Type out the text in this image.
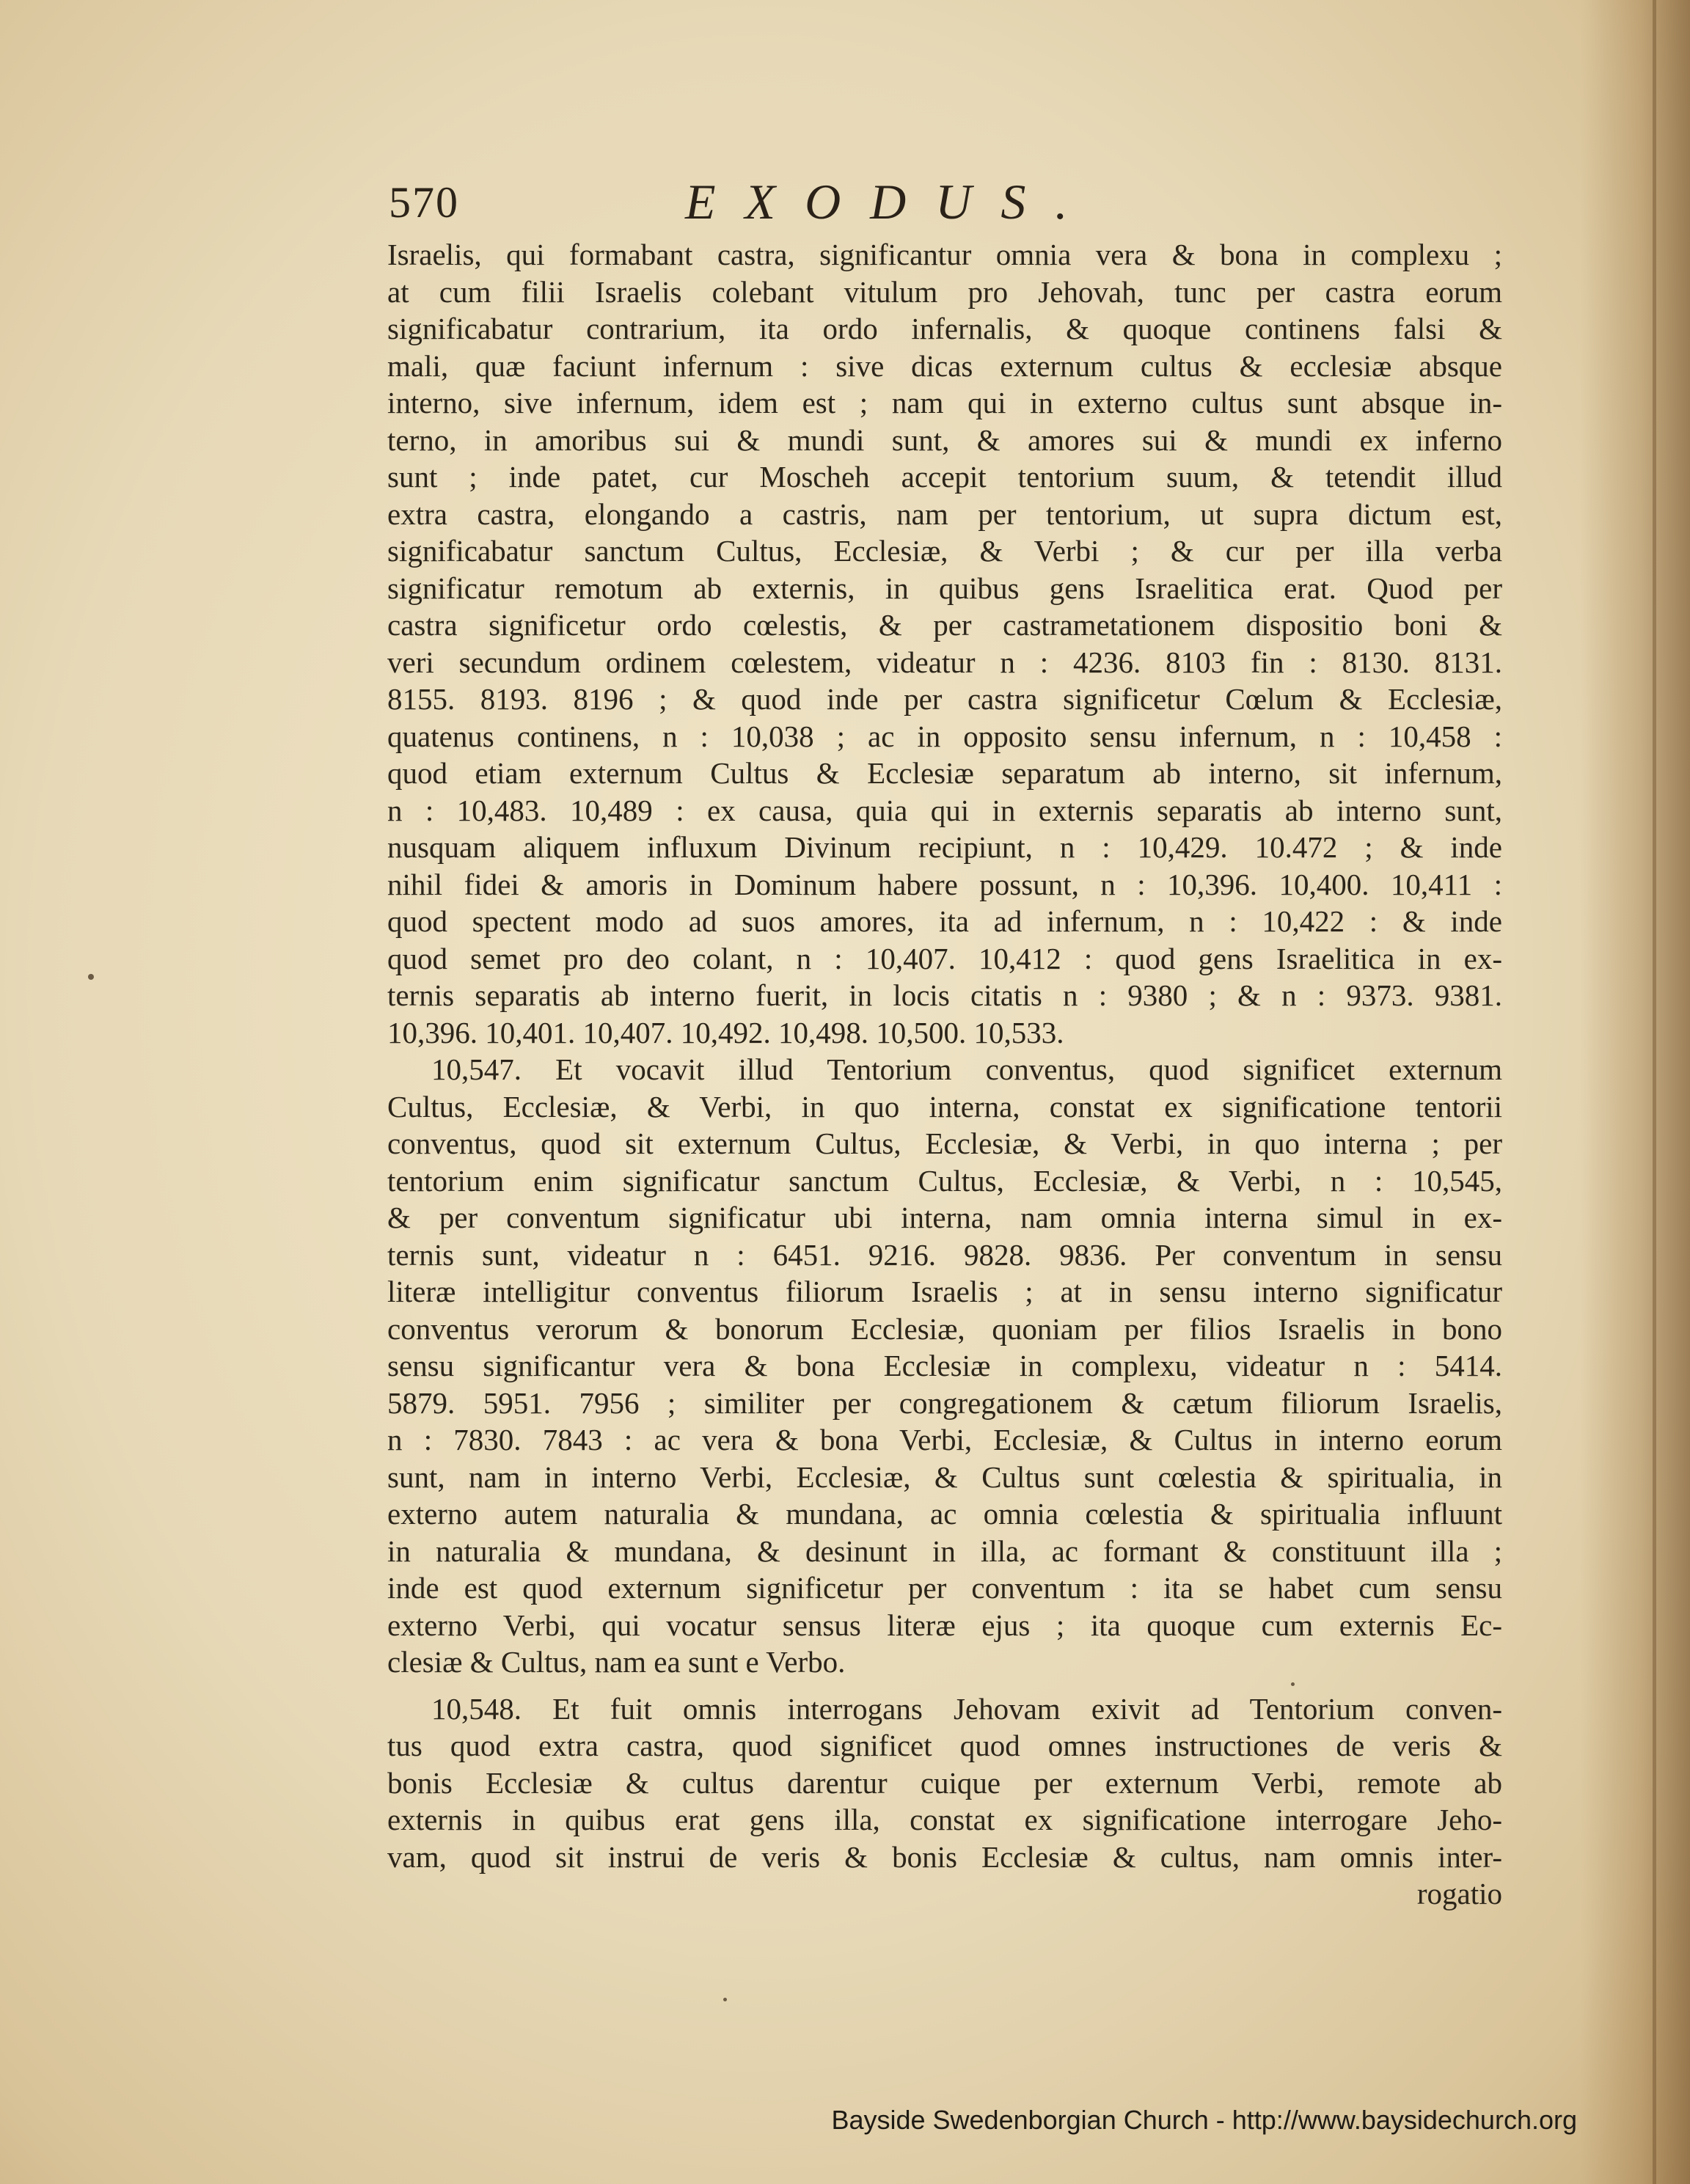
570	EXODUS.
Israelis, qui formabant castra, significantur omnia vera & bona in complexu ;
at cum filii Israelis colebant vitulum pro Jehovah, tunc per castra eorum
significabatur contrarium, ita ordo infernalis, & quoque continens falsi &
mali, quæ faciunt infernum : sive dicas externum cultus & ecclesiæ absque
interno, sive infernum, idem est ; nam qui in externo cultus sunt absque in-
terno, in amoribus sui & mundi sunt, & amores sui & mundi ex inferno
sunt ; inde patet, cur Moscheh accepit tentorium suum, & tetendit illud
extra castra, elongando a castris, nam per tentorium, ut supra dictum est,
significabatur sanctum Cultus, Ecclesiæ, & Verbi ; & cur per illa verba
significatur remotum ab externis, in quibus gens Israelitica erat. Quod per
castra significetur ordo cœlestis, & per castrametationem dispositio boni &
veri secundum ordinem cœlestem, videatur n : 4236. 8103 fin : 8130. 8131.
8155. 8193. 8196 ; & quod inde per castra significetur Cœlum & Ecclesiæ,
quatenus continens, n : 10,038 ; ac in opposito sensu infernum, n : 10,458 :
quod etiam externum Cultus & Ecclesiæ separatum ab interno, sit infernum,
n : 10,483. 10,489 : ex causa, quia qui in externis separatis ab interno sunt,
nusquam aliquem influxum Divinum recipiunt, n : 10,429. 10.472 ; & inde
nihil fidei & amoris in Dominum habere possunt, n : 10,396. 10,400. 10,411 :
quod spectent modo ad suos amores, ita ad infernum, n : 10,422 : & inde
quod semet pro deo colant, n : 10,407. 10,412 : quod gens Israelitica in ex-
ternis separatis ab interno fuerit, in locis citatis n : 9380 ; & n : 9373. 9381.
10,396. 10,401. 10,407. 10,492. 10,498. 10,500. 10,533.
10,547. Et vocavit illud Tentorium conventus, quod significet externum
Cultus, Ecclesiæ, & Verbi, in quo interna, constat ex significatione tentorii
conventus, quod sit externum Cultus, Ecclesiæ, & Verbi, in quo interna ; per
tentorium enim significatur sanctum Cultus, Ecclesiæ, & Verbi, n : 10,545,
& per conventum significatur ubi interna, nam omnia interna simul in ex-
ternis sunt, videatur n : 6451. 9216. 9828. 9836. Per conventum in sensu
literæ intelligitur conventus filiorum Israelis ; at in sensu interno significatur
conventus verorum & bonorum Ecclesiæ, quoniam per filios Israelis in bono
sensu significantur vera & bona Ecclesiæ in complexu, videatur n : 5414.
5879. 5951. 7956 ; similiter per congregationem & cætum filiorum Israelis,
n : 7830. 7843 : ac vera & bona Verbi, Ecclesiæ, & Cultus in interno eorum
sunt, nam in interno Verbi, Ecclesiæ, & Cultus sunt cœlestia & spiritualia, in
externo autem naturalia & mundana, ac omnia cœlestia & spiritualia influunt
in naturalia & mundana, & desinunt in illa, ac formant & constituunt illa ;
inde est quod externum significetur per conventum : ita se habet cum sensu
externo Verbi, qui vocatur sensus literæ ejus ; ita quoque cum externis Ec-
clesiæ & Cultus, nam ea sunt e Verbo.
10,548. Et fuit omnis interrogans Jehovam exivit ad Tentorium conven-
tus quod extra castra, quod significet quod omnes instructiones de veris &
bonis Ecclesiæ & cultus darentur cuique per externum Verbi, remote ab
externis in quibus erat gens illa, constat ex significatione interrogare Jeho-
vam, quod sit instrui de veris & bonis Ecclesiæ & cultus, nam omnis inter-
rogatio
Bayside Swedenborgian Church - http://www.baysidechurch.org
